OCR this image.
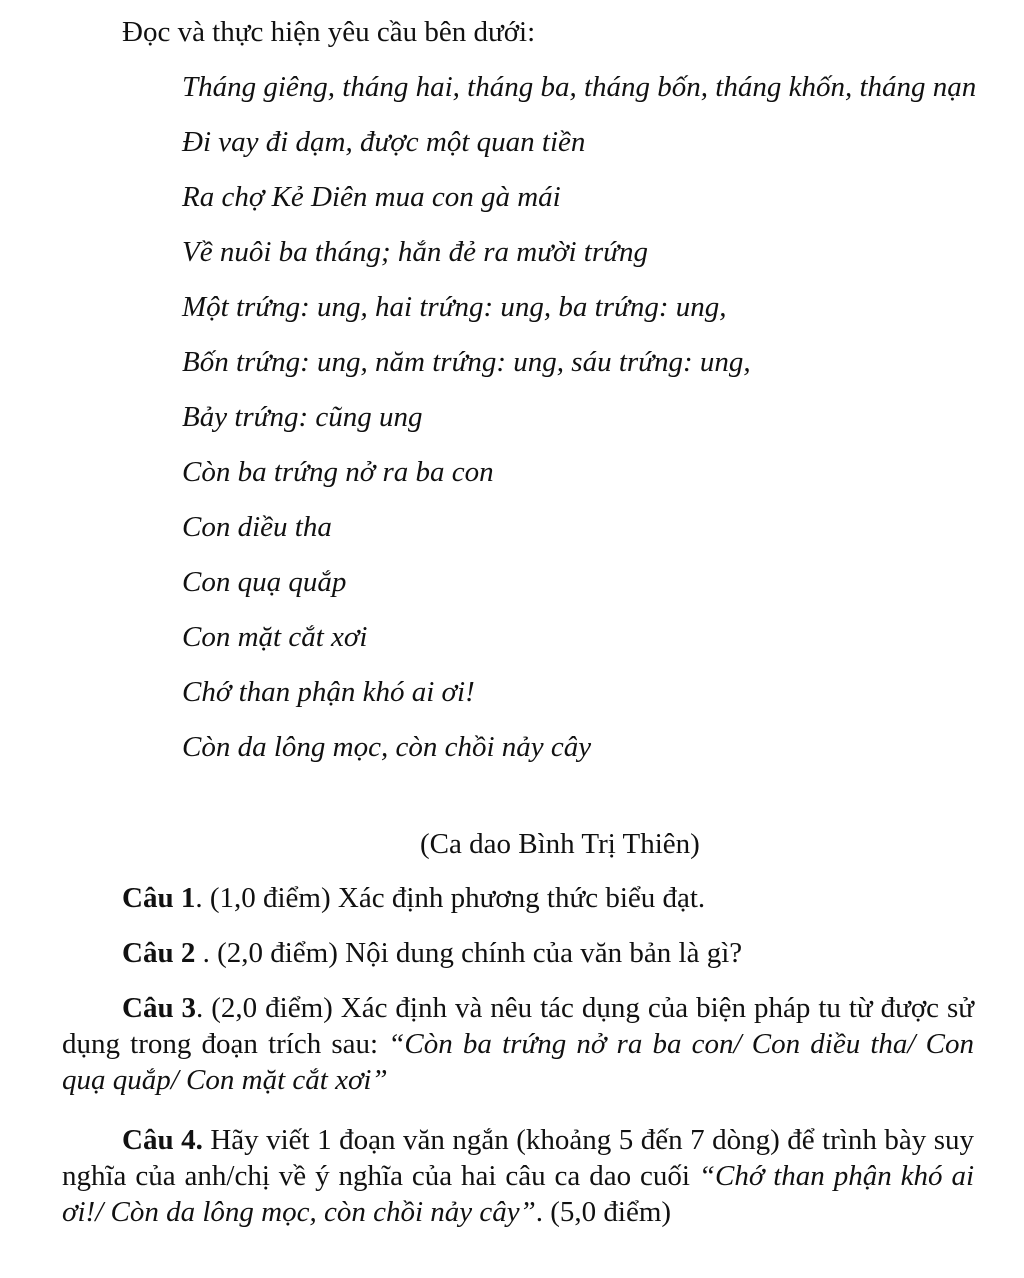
Đọc và thực hiện yêu cầu bên dưới:
Tháng giêng, tháng hai, tháng ba, tháng bốn, tháng khốn, tháng nạn
Đi vay đi dạm, được một quan tiền
Ra chợ Kẻ Diên mua con gà mái
Về nuôi ba tháng; hắn đẻ ra mười trứng
Một trứng: ung, hai trứng: ung, ba trứng: ung,
Bốn trứng: ung, năm trứng: ung, sáu trứng: ung,
Bảy trứng: cũng ung
Còn ba trứng nở ra ba con
Con diều tha
Con quạ quắp
Con mặt cắt xơi
Chớ than phận khó ai ơi!
Còn da lông mọc, còn chồi nảy cây
(Ca dao Bình Trị Thiên)
Câu 1. (1,0 điểm) Xác định phương thức biểu đạt.
Câu 2 . (2,0 điểm) Nội dung chính của văn bản là gì?
Câu 3. (2,0 điểm) Xác định và nêu tác dụng của biện pháp tu từ được sử dụng trong đoạn trích sau: “Còn ba trứng nở ra ba con/ Con diều tha/ Con quạ quắp/ Con mặt cắt xơi”
Câu 4. Hãy viết 1 đoạn văn ngắn (khoảng 5 đến 7 dòng) để trình bày suy nghĩa của anh/chị về ý nghĩa của hai câu ca dao cuối “Chớ than phận khó ai ơi!/ Còn da lông mọc, còn chồi nảy cây”. (5,0 điểm)
